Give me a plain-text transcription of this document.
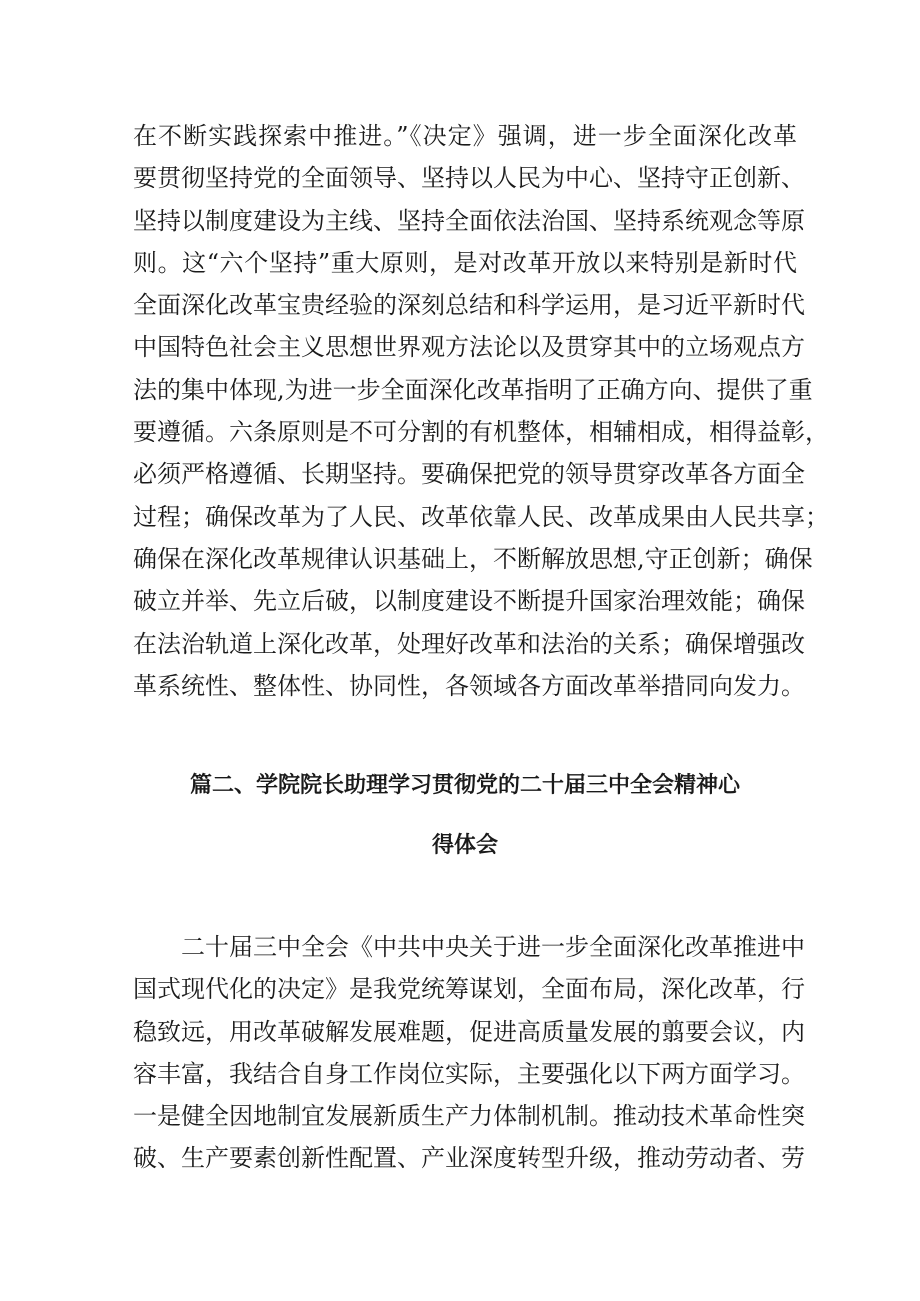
在不断实践探索中推进。”《决定》强调，进一步全面深化改革
要贯彻坚持党的全面领导、坚持以人民为中心、坚持守正创新、
坚持以制度建设为主线、坚持全面依法治国、坚持系统观念等原
则。这“六个坚持”重大原则，是对改革开放以来特别是新时代
全面深化改革宝贵经验的深刻总结和科学运用，是习近平新时代
中国特色社会主义思想世界观方法论以及贯穿其中的立场观点方
法的集中体现,为进一步全面深化改革指明了正确方向、提供了重
要遵循。六条原则是不可分割的有机整体，相辅相成，相得益彰，
必须严格遵循、长期坚持。要确保把党的领导贯穿改革各方面全
过程；确保改革为了人民、改革依靠人民、改革成果由人民共享；
确保在深化改革规律认识基础上，不断解放思想,守正创新；确保
破立并举、先立后破，以制度建设不断提升国家治理效能；确保
在法治轨道上深化改革，处理好改革和法治的关系；确保增强改
革系统性、整体性、协同性，各领域各方面改革举措同向发力。
篇二、学院院长助理学习贯彻党的二十届三中全会精神心
得体会
二十届三中全会《中共中央关于进一步全面深化改革推进中
国式现代化的决定》是我党统筹谋划，全面布局，深化改革，行
稳致远，用改革破解发展难题，促进高质量发展的翦要会议，内
容丰富，我结合自身工作岗位实际，主要强化以下两方面学习。
一是健全因地制宜发展新质生产力体制机制。推动技术革命性突
破、生产要素创新性配置、产业深度转型升级，推动劳动者、劳
